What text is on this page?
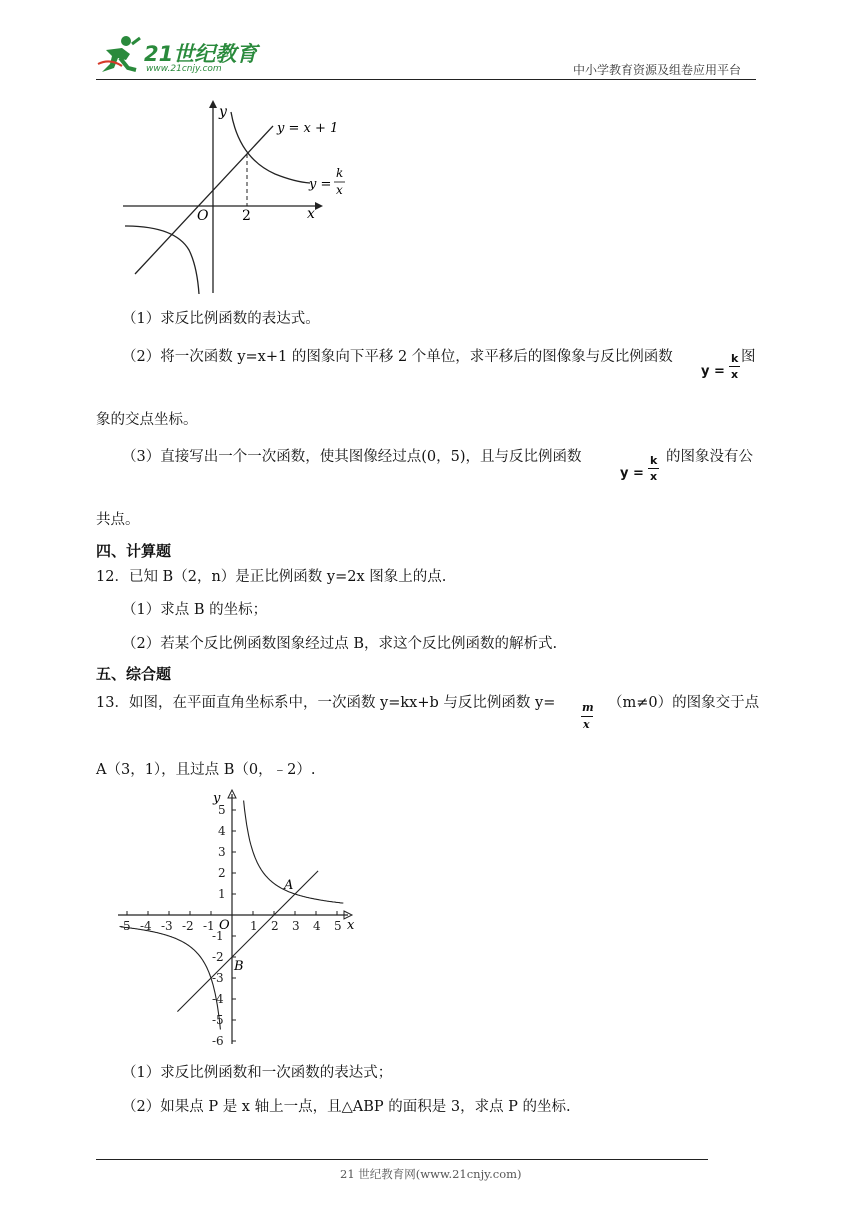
21世纪教育
www.21cnjy.com	中小学教育资源及组卷应用平台
y
x
O 2
y = x + 1
y =
k
x
（1）求反比例函数的表达式。
（2）将一次函数 y=x+1 的图象向下平移 2 个单位，求平移后的图像象与反比例函数
y =
k
x
图
象的交点坐标。
（3）直接写出一个一次函数，使其图像经过点(0，5)，且与反比例函数
y =
k
x
的图象没有公
共点。
四、计算题
12．已知 B（2，n）是正比例函数 y=2x 图象上的点.
（1）求点 B 的坐标；
（2）若某个反比例函数图象经过点 B，求这个反比例函数的解析式.
五、综合题
13．如图，在平面直角坐标系中，一次函数 y=kx+b 与反比例函数 y= m
x
（m≠0）的图象交于点
A（3，1），且过点 B（0，﹣2）.
-5 -4 -3 -2 -1	1 2 3 4 5
5
4
3
2
1
-1
-2
-3
-4
-5
-6
y
x
O
A
B
（1）求反比例函数和一次函数的表达式；
（2）如果点 P 是 x 轴上一点，且△ABP 的面积是 3，求点 P 的坐标.
21 世纪教育网(www.21cnjy.com)
